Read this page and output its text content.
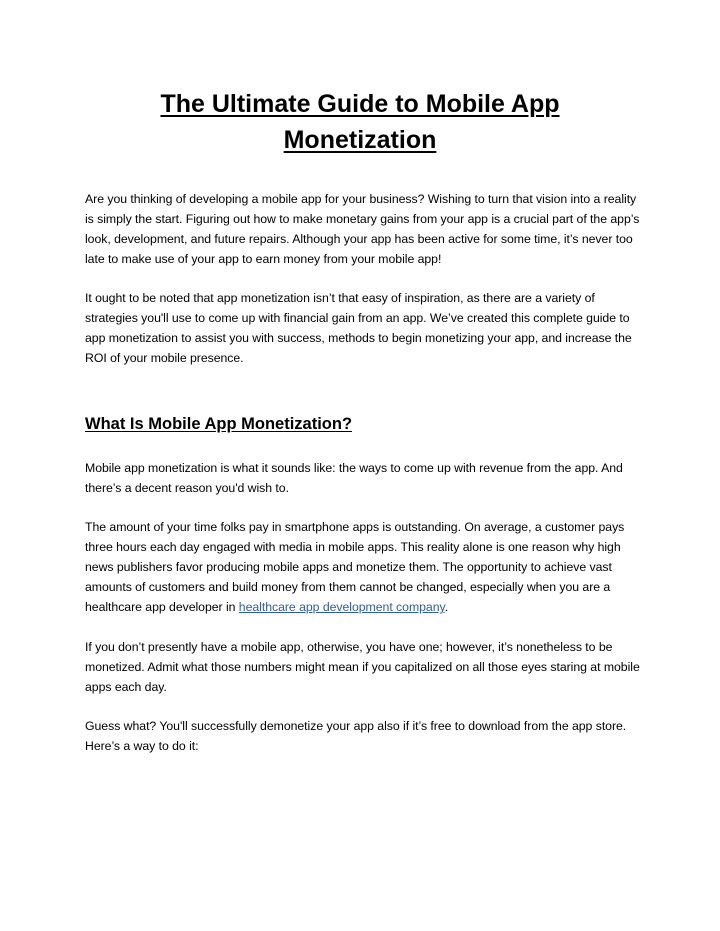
The Ultimate Guide to Mobile App Monetization

Are you thinking of developing a mobile app for your business? Wishing to turn that vision into a reality is simply the start. Figuring out how to make monetary gains from your app is a crucial part of the app’s look, development, and future repairs. Although your app has been active for some time, it’s never too late to make use of your app to earn money from your mobile app!

It ought to be noted that app monetization isn’t that easy of inspiration, as there are a variety of strategies you'll use to come up with financial gain from an app. We’ve created this complete guide to app monetization to assist you with success, methods to begin monetizing your app, and increase the ROI of your mobile presence.

What Is Mobile App Monetization?

Mobile app monetization is what it sounds like: the ways to come up with revenue from the app. And there’s a decent reason you'd wish to.

The amount of your time folks pay in smartphone apps is outstanding. On average, a customer pays three hours each day engaged with media in mobile apps. This reality alone is one reason why high news publishers favor producing mobile apps and monetize them. The opportunity to achieve vast amounts of customers and build money from them cannot be changed, especially when you are a healthcare app developer in healthcare app development company.

If you don’t presently have a mobile app, otherwise, you have one; however, it’s nonetheless to be monetized. Admit what those numbers might mean if you capitalized on all those eyes staring at mobile apps each day.

Guess what? You'll successfully demonetize your app also if it’s free to download from the app store. Here’s a way to do it:
